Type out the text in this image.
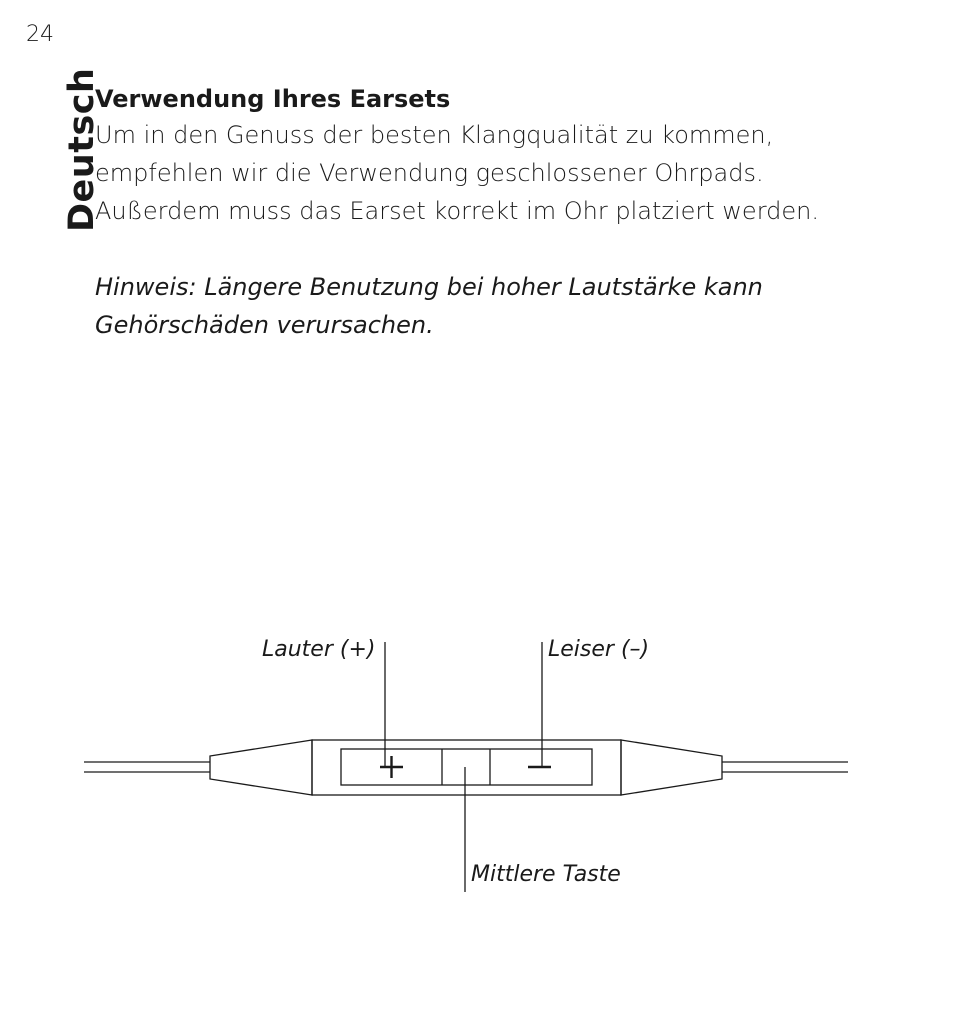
24
Deutsch
Verwendung Ihres Earsets

Um in den Genuss der besten Klangqualität zu kommen, empfehlen wir die Verwendung geschlossener Ohrpads. Außerdem muss das Earset korrekt im Ohr platziert werden.

Hinweis: Längere Benutzung bei hoher Lautstärke kann Gehörschäden verursachen.

Lauter (+)	Leiser (–)
Mittlere Taste
